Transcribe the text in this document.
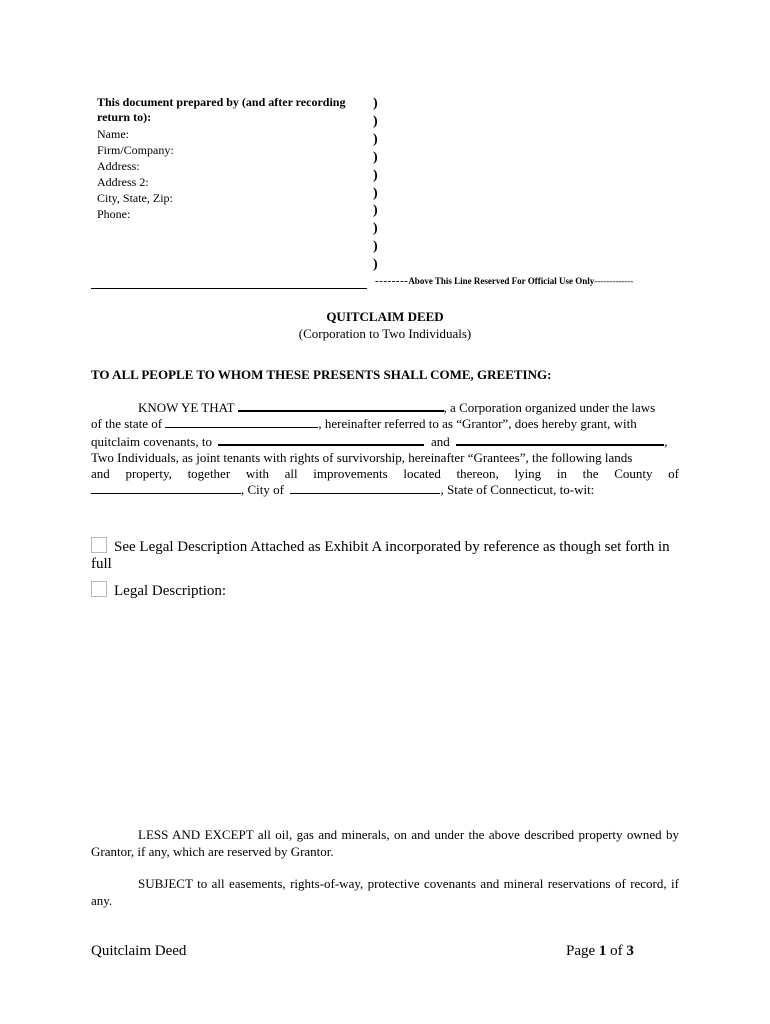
This document prepared by (and after recording return to):
Name:
Firm/Company:
Address:
Address 2:
City, State, Zip:
Phone:
)
)
)
)
)
)
)
)
)
)
--------Above This Line Reserved For Official Use Only-------------
QUITCLAIM DEED
(Corporation to Two Individuals)
TO ALL PEOPLE TO WHOM THESE PRESENTS SHALL COME, GREETING:
KNOW YE THAT	, a Corporation organized under the laws
of the state of	, hereinafter referred to as “Grantor”, does hereby grant, with
quitclaim covenants, to	and	,
Two Individuals, as joint tenants with rights of survivorship, hereinafter “Grantees”, the following lands
and property, together with all improvements located thereon, lying in the County of
, City of	, State of Connecticut, to-wit:
See Legal Description Attached as Exhibit A incorporated by reference as though set forth in full
Legal Description:
LESS AND EXCEPT all oil, gas and minerals, on and under the above described property owned by Grantor, if any, which are reserved by Grantor.
SUBJECT to all easements, rights-of-way, protective covenants and mineral reservations of record, if any.
Quitclaim Deed	Page 1 of 3
